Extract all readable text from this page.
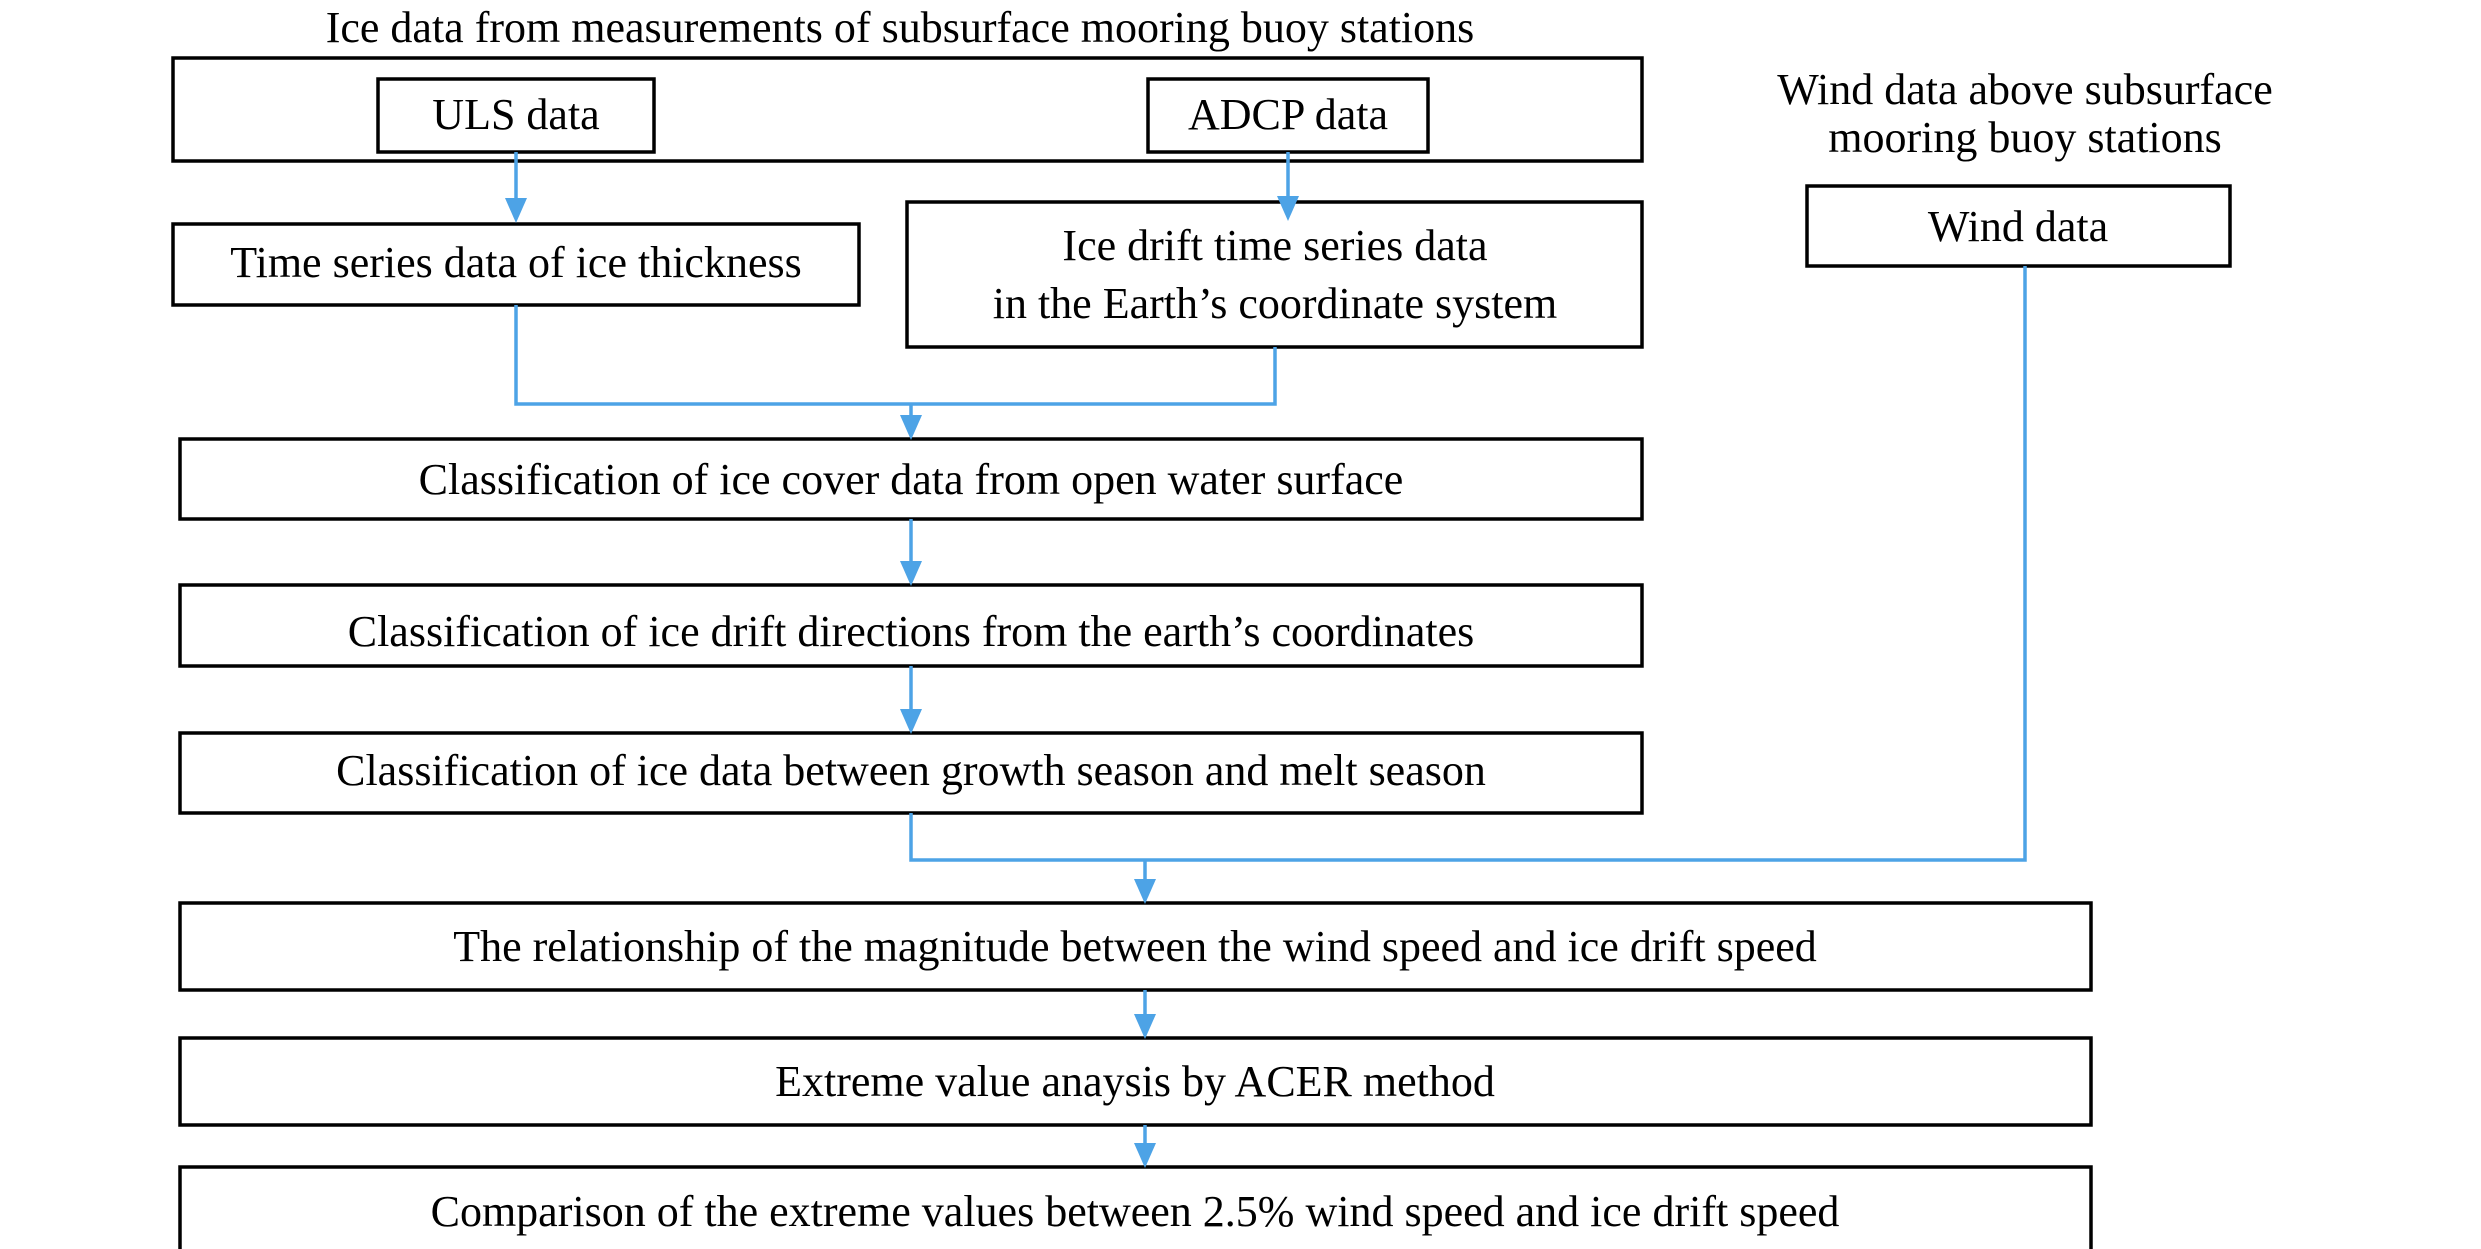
Ice data from measurements of subsurface mooring buoy stations
Wind data above subsurface
mooring buoy stations
ULS data	ADCP data
Time series data of ice thickness	Ice drift time series data
in the Earth’s coordinate system
Wind data
Classification of ice cover data from open water surface
Classification of ice drift directions from the earth’s coordinates
Classification of ice data between growth season and melt season
The relationship of the magnitude between the wind speed and ice drift speed
Extreme value anaysis by ACER method
Comparison of the extreme values between 2.5% wind speed and ice drift speed
